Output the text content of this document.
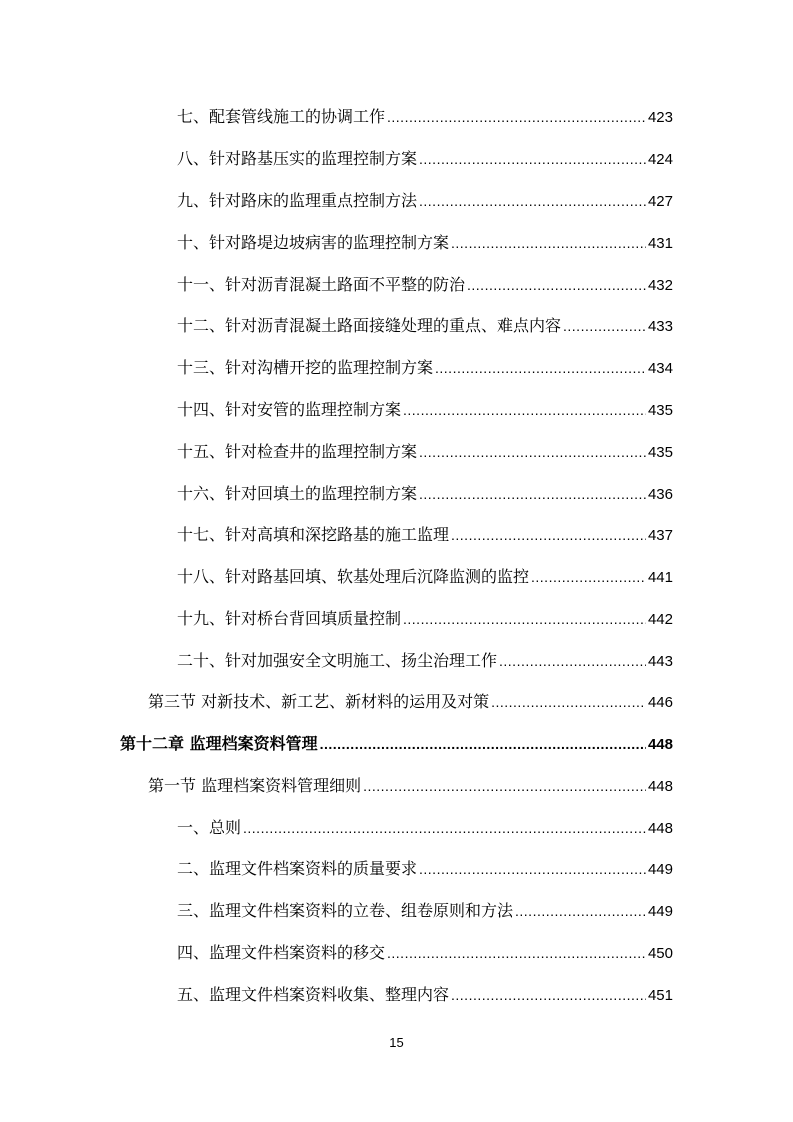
七、配套管线施工的协调工作 .....	423
八、针对路基压实的监理控制方案 .....	424
九、针对路床的监理重点控制方法 .....	427
十、针对路堤边坡病害的监理控制方案 .....	431
十一、针对沥青混凝土路面不平整的防治 .....	432
十二、针对沥青混凝土路面接缝处理的重点、难点内容 .....	433
十三、针对沟槽开挖的监理控制方案 .....	434
十四、针对安管的监理控制方案 .....	435
十五、针对检查井的监理控制方案 .....	435
十六、针对回填土的监理控制方案 .....	436
十七、针对高填和深挖路基的施工监理 .....	437
十八、针对路基回填、软基处理后沉降监测的监控 .....	441
十九、针对桥台背回填质量控制 .....	442
二十、针对加强安全文明施工、扬尘治理工作 .....	443
第三节 对新技术、新工艺、新材料的运用及对策 .....	446
第十二章 监理档案资料管理 .....	448
第一节 监理档案资料管理细则 .....	448
一、总则 .....	448
二、监理文件档案资料的质量要求 .....	449
三、监理文件档案资料的立卷、组卷原则和方法 .....	449
四、监理文件档案资料的移交 .....	450
五、监理文件档案资料收集、整理内容 .....	451
15
